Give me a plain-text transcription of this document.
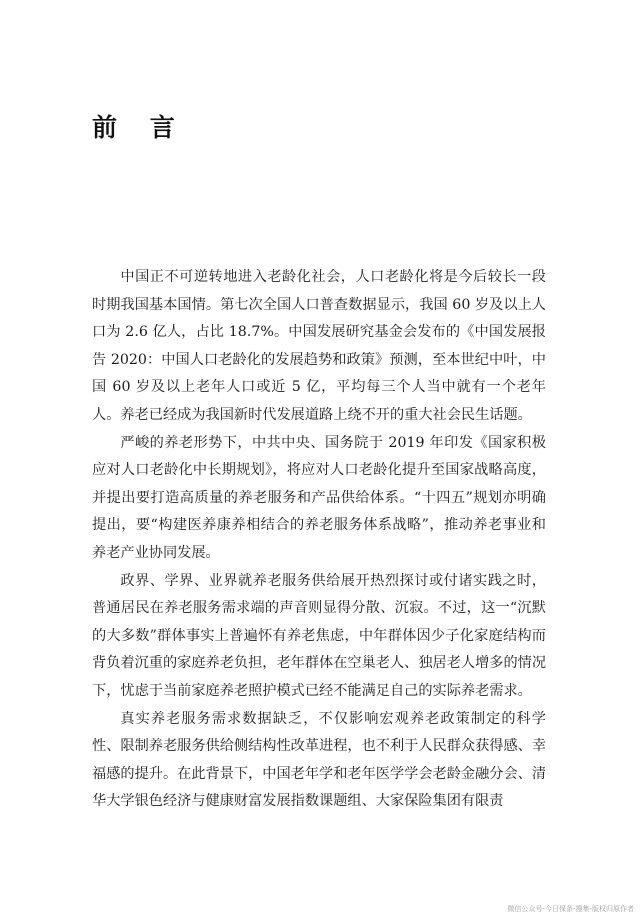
前 言

中国正不可逆转地进入老龄化社会，人口老龄化将是今后较长一段时期我国基本国情。第七次全国人口普查数据显示，我国 60 岁及以上人口为 2.6 亿人，占比 18.7%。中国发展研究基金会发布的《中国发展报告 2020：中国人口老龄化的发展趋势和政策》预测，至本世纪中叶，中国 60 岁及以上老年人口或近 5 亿，平均每三个人当中就有一个老年人。养老已经成为我国新时代发展道路上绕不开的重大社会民生话题。

严峻的养老形势下，中共中央、国务院于 2019 年印发《国家积极应对人口老龄化中长期规划》，将应对人口老龄化提升至国家战略高度，并提出要打造高质量的养老服务和产品供给体系。“十四五”规划亦明确提出，要“构建医养康养相结合的养老服务体系战略”，推动养老事业和养老产业协同发展。

政界、学界、业界就养老服务供给展开热烈探讨或付诸实践之时，普通居民在养老服务需求端的声音则显得分散、沉寂。不过，这一“沉默的大多数”群体事实上普遍怀有养老焦虑，中年群体因少子化家庭结构而背负着沉重的家庭养老负担，老年群体在空巢老人、独居老人增多的情况下，忧虑于当前家庭养老照护模式已经不能满足自己的实际养老需求。

真实养老服务需求数据缺乏，不仅影响宏观养老政策制定的科学性、限制养老服务供给侧结构性改革进程，也不利于人民群众获得感、幸福感的提升。在此背景下，中国老年学和老年医学学会老龄金融分会、清华大学银色经济与健康财富发展指数课题组、大家保险集团有限责

微信公众号-今日保条-搜集-版权归原作者
